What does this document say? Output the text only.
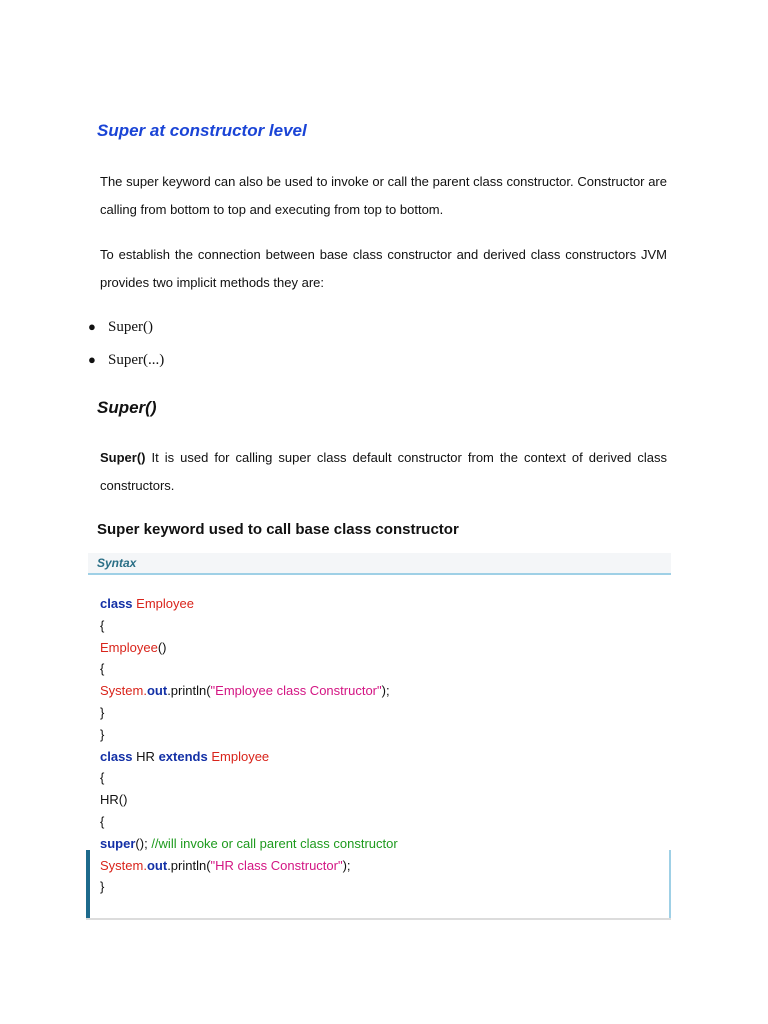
Super at constructor level

The super keyword can also be used to invoke or call the parent class constructor. Constructor are calling from bottom to top and executing from top to bottom.

To establish the connection between base class constructor and derived class constructors JVM provides two implicit methods they are:

● Super()
● Super(...)
Super()

Super() It is used for calling super class default constructor from the context of derived class constructors.

Super keyword used to call base class constructor
Syntax
class Employee
{
Employee()
{
System.out.println("Employee class Constructor");
}
}
class HR extends Employee
{
HR()
{
super(); //will invoke or call parent class constructor
System.out.println("HR class Constructor");
}
